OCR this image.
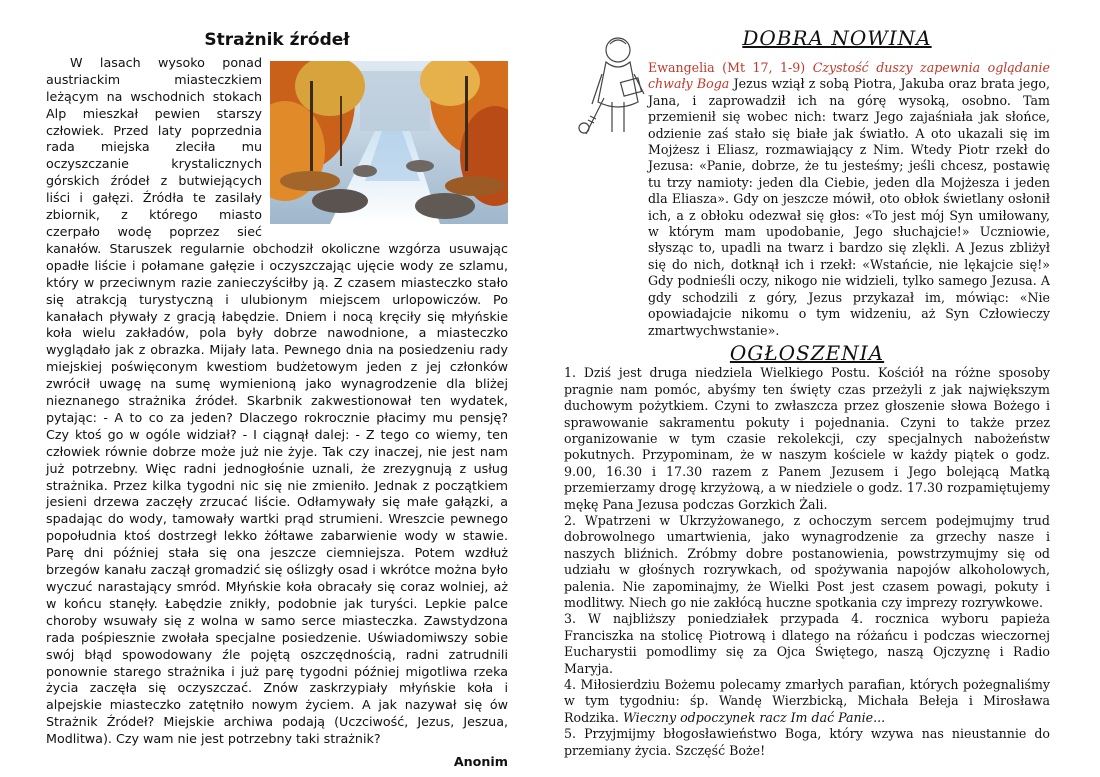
Strażnik źródeł

W lasach wysoko ponad austriackim miasteczkiem leżącym na wschodnich stokach Alp mieszkał pewien starszy człowiek. Przed laty poprzednia rada miejska zleciła mu oczyszczanie krystalicznych górskich źródeł z butwiejących liści i gałęzi. Źródła te zasilały zbiornik, z którego miasto czerpało wodę poprzez sieć kanałów. Staruszek regularnie obchodził okoliczne wzgórza usuwając opadłe liście i połamane gałęzie i oczyszczając ujęcie wody ze szlamu, który w przeciwnym razie zanieczyściłby ją. Z czasem miasteczko stało się atrakcją turystyczną i ulubionym miejscem urlopowiczów. Po kanałach pływały z gracją łabędzie. Dniem i nocą kręciły się młyńskie koła wielu zakładów, pola były dobrze nawodnione, a miasteczko wyglądało jak z obrazka. Mijały lata. Pewnego dnia na posiedzeniu rady miejskiej poświęconym kwestiom budżetowym jeden z jej członków zwrócił uwagę na sumę wymienioną jako wynagrodzenie dla bliżej nieznanego strażnika źródeł. Skarbnik zakwestionował ten wydatek, pytając: - A to co za jeden? Dlaczego rokrocznie płacimy mu pensję? Czy ktoś go w ogóle widział? - I ciągnął dalej: - Z tego co wiemy, ten człowiek równie dobrze może już nie żyje. Tak czy inaczej, nie jest nam już potrzebny. Więc radni jednogłośnie uznali, że zrezygnują z usług strażnika. Przez kilka tygodni nic się nie zmieniło. Jednak z początkiem jesieni drzewa zaczęły zrzucać liście. Odłamywały się małe gałązki, a spadając do wody, tamowały wartki prąd strumieni. Wreszcie pewnego popołudnia ktoś dostrzegł lekko żółtawe zabarwienie wody w stawie. Parę dni później stała się ona jeszcze ciemniejsza. Potem wzdłuż brzegów kanału zaczął gromadzić się oślizgły osad i wkrótce można było wyczuć narastający smród. Młyńskie koła obracały się coraz wolniej, aż w końcu stanęły. Łabędzie znikły, podobnie jak turyści. Lepkie palce choroby wsuwały się z wolna w samo serce miasteczka. Zawstydzona rada pośpiesznie zwołała specjalne posiedzenie. Uświadomiwszy sobie swój błąd spowodowany źle pojętą oszczędnością, radni zatrudnili ponownie starego strażnika i już parę tygodni później migotliwa rzeka życia zaczęła się oczyszczać. Znów zaskrzypiały młyńskie koła i alpejskie miasteczko zatętniło nowym życiem. A jak nazywał się ów Strażnik Źródeł? Miejskie archiwa podają (Uczciwość, Jezus, Jeszua, Modlitwa). Czy wam nie jest potrzebny taki strażnik?

Anonim
DOBRA NOWINA
Ewangelia (Mt 17, 1-9) Czystość duszy zapewnia oglądanie chwały Boga Jezus wziął z sobą Piotra, Jakuba oraz brata jego, Jana, i zaprowadził ich na górę wysoką, osobno. Tam przemienił się wobec nich: twarz Jego zajaśniała jak słońce, odzienie zaś stało się białe jak światło. A oto ukazali się im Mojżesz i Eliasz, rozmawiający z Nim. Wtedy Piotr rzekł do Jezusa: «Panie, dobrze, że tu jesteśmy; jeśli chcesz, postawię tu trzy namioty: jeden dla Ciebie, jeden dla Mojżesza i jeden dla Eliasza». Gdy on jeszcze mówił, oto obłok świetlany osłonił ich, a z obłoku odezwał się głos: «To jest mój Syn umiłowany, w którym mam upodobanie, Jego słuchajcie!» Uczniowie, słysząc to, upadli na twarz i bardzo się zlękli. A Jezus zbliżył się do nich, dotknął ich i rzekł: «Wstańcie, nie lękajcie się!» Gdy podnieśli oczy, nikogo nie widzieli, tylko samego Jezusa. A gdy schodzili z góry, Jezus przykazał im, mówiąc: «Nie opowiadajcie nikomu o tym widzeniu, aż Syn Człowieczy zmartwychwstanie».
OGŁOSZENIA
1. Dziś jest druga niedziela Wielkiego Postu. Kościół na różne sposoby pragnie nam pomóc, abyśmy ten święty czas przeżyli z jak największym duchowym pożytkiem. Czyni to zwłaszcza przez głoszenie słowa Bożego i sprawowanie sakramentu pokuty i pojednania. Czyni to także przez organizowanie w tym czasie rekolekcji, czy specjalnych nabożeństw pokutnych. Przypominam, że w naszym kościele w każdy piątek o godz. 9.00, 16.30 i 17.30 razem z Panem Jezusem i Jego bolejącą Matką przemierzamy drogę krzyżową, a w niedziele o godz. 17.30 rozpamiętujemy mękę Pana Jezusa podczas Gorzkich Żali.
2. Wpatrzeni w Ukrzyżowanego, z ochoczym sercem podejmujmy trud dobrowolnego umartwienia, jako wynagrodzenie za grzechy nasze i naszych bliźnich. Zróbmy dobre postanowienia, powstrzymujmy się od udziału w głośnych rozrywkach, od spożywania napojów alkoholowych, palenia. Nie zapominajmy, że Wielki Post jest czasem powagi, pokuty i modlitwy. Niech go nie zakłócą huczne spotkania czy imprezy rozrywkowe.
3. W najbliższy poniedziałek przypada 4. rocznica wyboru papieża Franciszka na stolicę Piotrową i dlatego na różańcu i podczas wieczornej Eucharystii pomodlimy się za Ojca Świętego, naszą Ojczyznę i Radio Maryja.
4. Miłosierdziu Bożemu polecamy zmarłych parafian, których pożegnaliśmy w tym tygodniu: śp. Wandę Wierzbicką, Michała Bełeja i Mirosława Rodzika. Wieczny odpoczynek racz Im dać Panie...
5. Przyjmijmy błogosławieństwo Boga, który wzywa nas nieustannie do przemiany życia. Szczęść Boże!
